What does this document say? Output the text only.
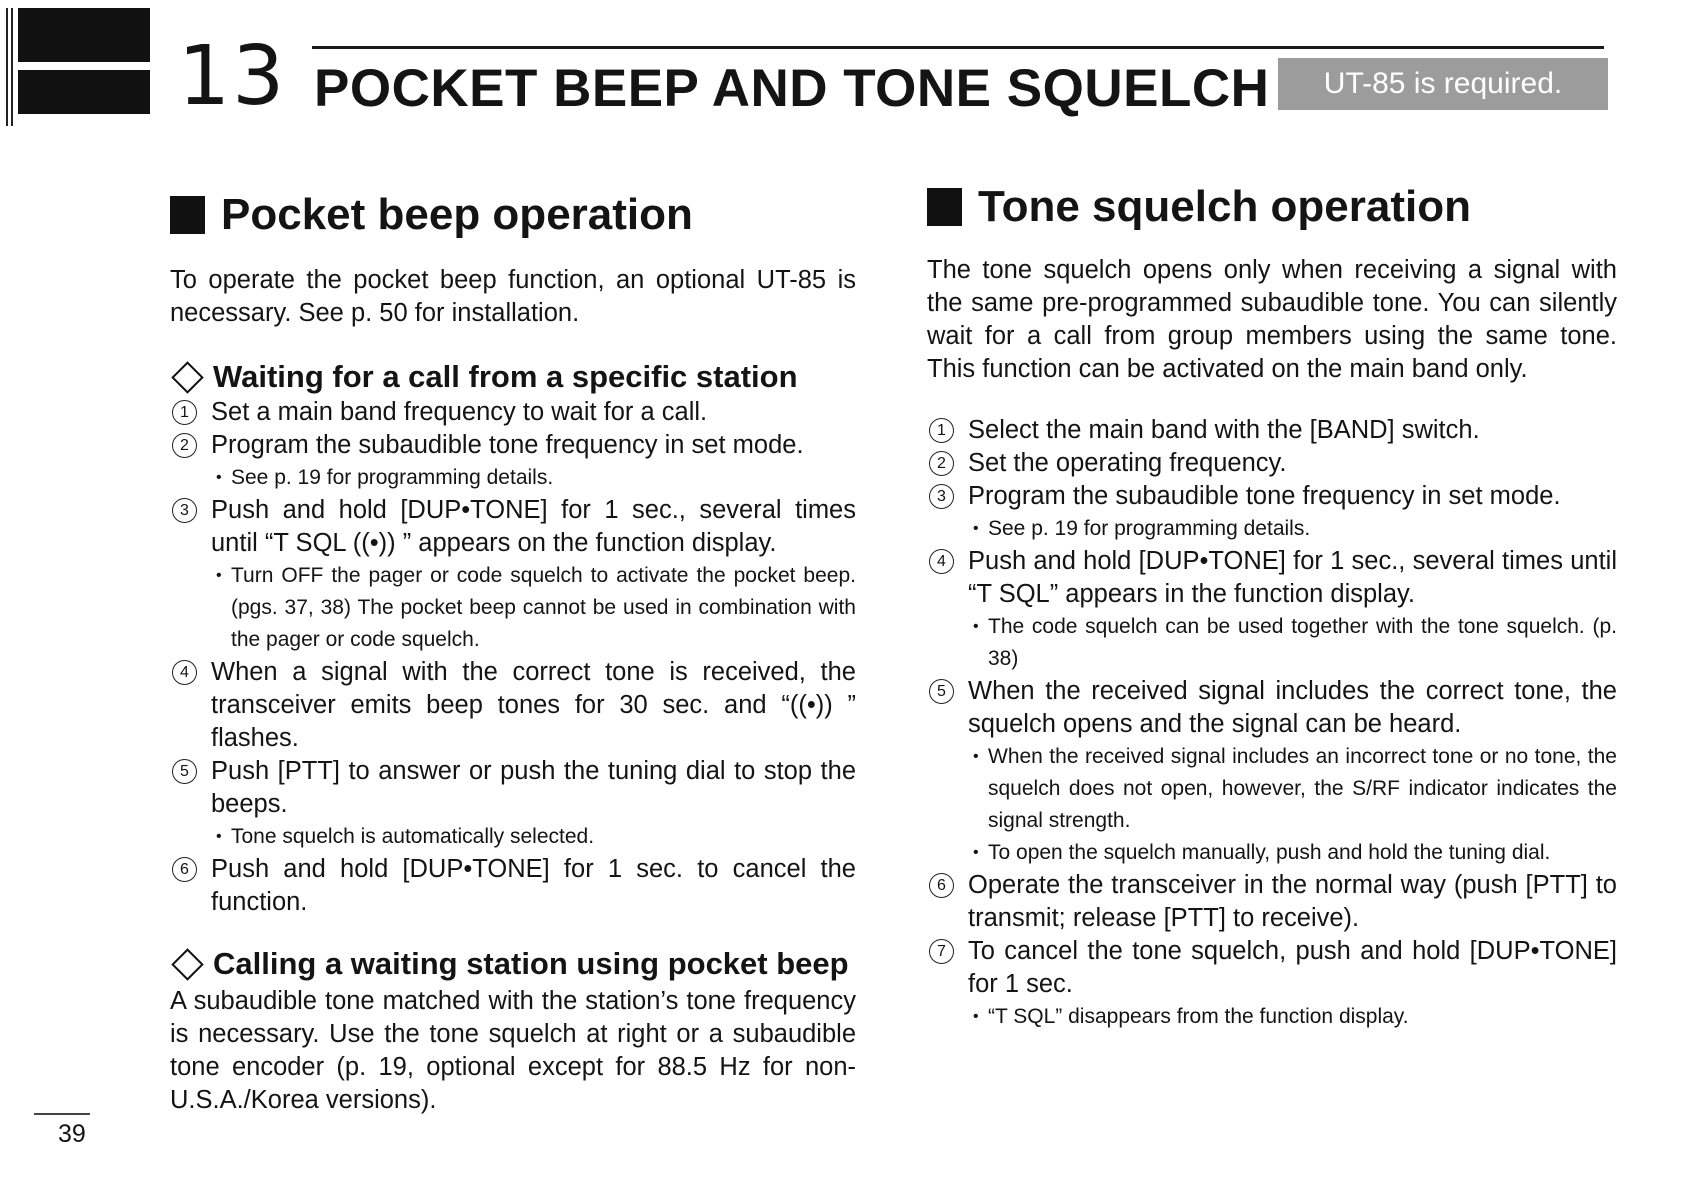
13 POCKET BEEP AND TONE SQUELCH	UT-85 is required.
Pocket beep operation

To operate the pocket beep function, an optional UT-85 is necessary. See p. 50 for installation.

Waiting for a call from a specific station
1 Set a main band frequency to wait for a call.
2 Program the subaudible tone frequency in set mode.
• See p. 19 for programming details.
3 Push and hold [DUP•TONE] for 1 sec., several times until “T SQL ((•)) ” appears on the function display.
• Turn OFF the pager or code squelch to activate the pocket beep. (pgs. 37, 38) The pocket beep cannot be used in combination with the pager or code squelch.
4 When a signal with the correct tone is received, the transceiver emits beep tones for 30 sec. and “((•)) ” flashes.
5 Push [PTT] to answer or push the tuning dial to stop the beeps.
• Tone squelch is automatically selected.
6 Push and hold [DUP•TONE] for 1 sec. to cancel the function.
Calling a waiting station using pocket beep

A subaudible tone matched with the station’s tone frequency is necessary. Use the tone squelch at right or a subaudible tone encoder (p. 19, optional except for 88.5 Hz for non-U.S.A./Korea versions).

Tone squelch operation

The tone squelch opens only when receiving a signal with the same pre-programmed subaudible tone. You can silently wait for a call from group members using the same tone. This function can be activated on the main band only.

1 Select the main band with the [BAND] switch.
2 Set the operating frequency.
3 Program the subaudible tone frequency in set mode.
• See p. 19 for programming details.
4 Push and hold [DUP•TONE] for 1 sec., several times until “T SQL” appears in the function display.
• The code squelch can be used together with the tone squelch. (p. 38)
5 When the received signal includes the correct tone, the squelch opens and the signal can be heard.
• When the received signal includes an incorrect tone or no tone, the squelch does not open, however, the S/RF indicator indicates the signal strength.
• To open the squelch manually, push and hold the tuning dial.
6 Operate the transceiver in the normal way (push [PTT] to transmit; release [PTT] to receive).
7 To cancel the tone squelch, push and hold [DUP•TONE] for 1 sec.
• “T SQL” disappears from the function display.
39
